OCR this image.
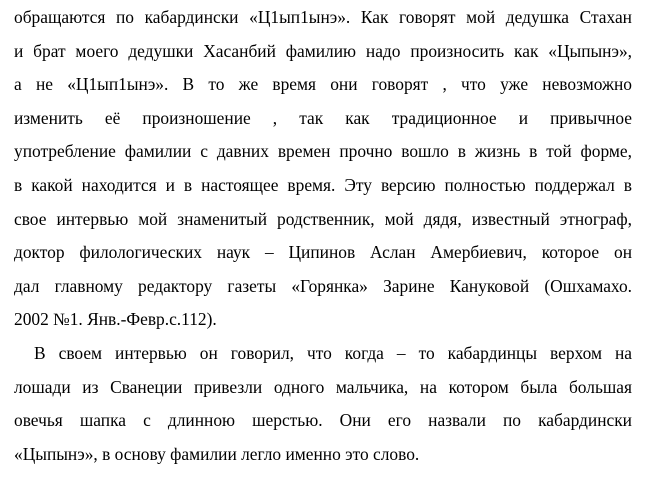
обращаются по кабардински «Ц1ып1ынэ». Как говорят мой дедушка Стахан
и брат моего дедушки Хасанбий фамилию надо произносить как «Цыпынэ»,
а не «Ц1ып1ынэ». В то же время они говорят , что уже невозможно
изменить её произношение , так как традиционное и привычное
употребление фамилии с давних времен прочно вошло в жизнь в той форме,
в какой находится и в настоящее время. Эту версию полностью поддержал в
свое интервью мой знаменитый родственник, мой дядя, известный этнограф,
доктор филологических наук – Ципинов Аслан Амербиевич, которое он
дал главному редактору газеты «Горянка» Зарине Кануковой (Ошхамахо.
2002 №1. Янв.-Февр.с.112).
В своем интервью он говорил, что когда – то кабардинцы верхом на
лошади из Сванеции привезли одного мальчика, на котором была большая
овечья шапка с длинною шерстью. Они его назвали по кабардински
«Цыпынэ», в основу фамилии легло именно это слово.
